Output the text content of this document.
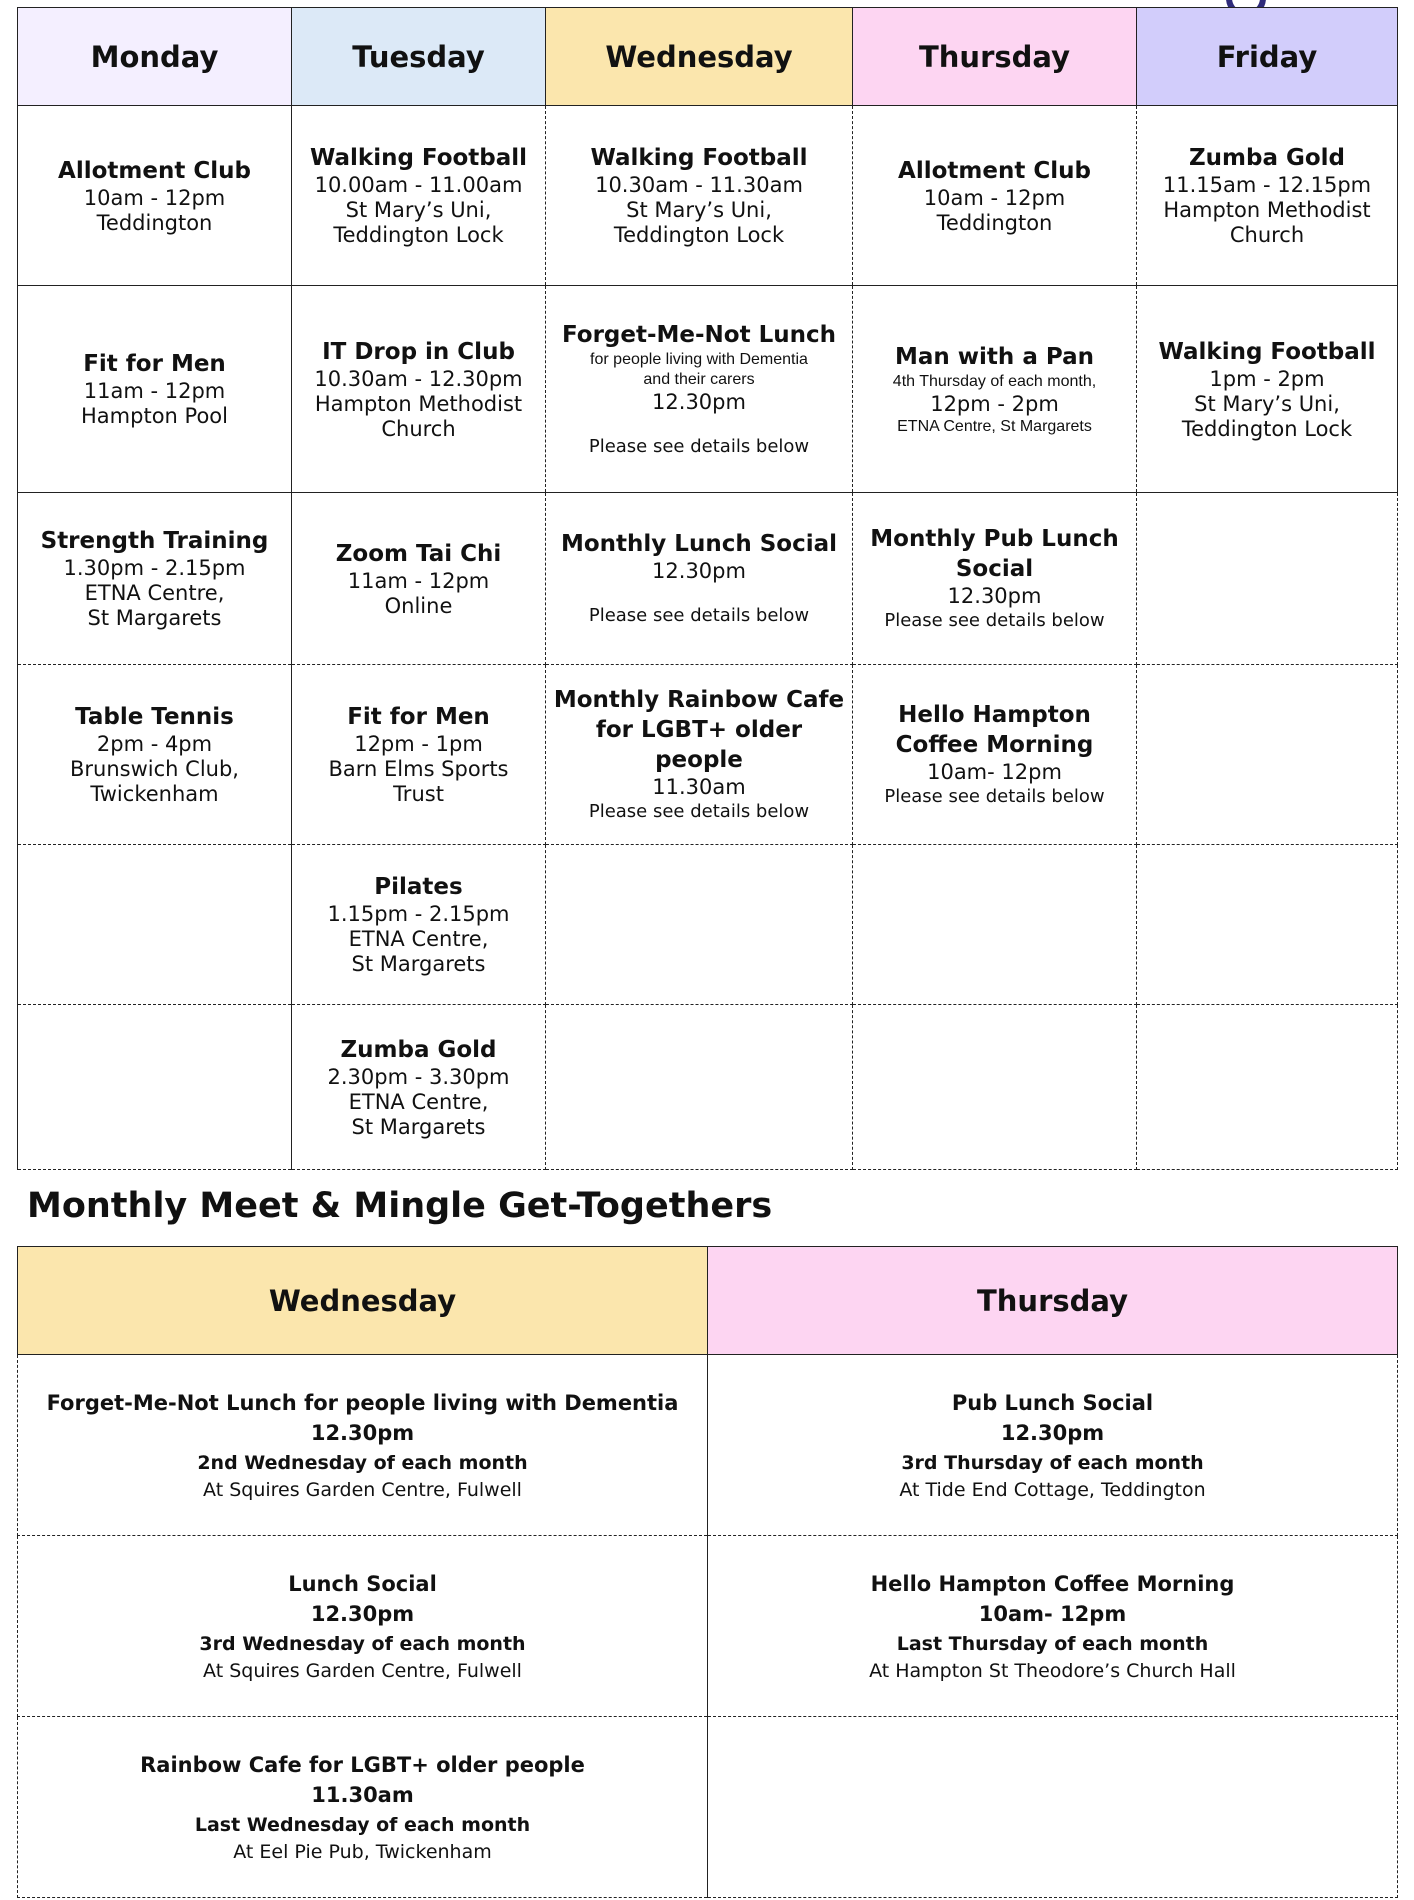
Monday	Tuesday	Wednesday	Thursday	Friday

Allotment Club
10am - 12pm
Teddington	Walking Football
10.00am - 11.00am
St Mary’s Uni,
Teddington Lock	Walking Football
10.30am - 11.30am
St Mary’s Uni,
Teddington Lock	Allotment Club
10am - 12pm
Teddington	Zumba Gold
11.15am - 12.15pm
Hampton Methodist
Church

Fit for Men
11am - 12pm
Hampton Pool	IT Drop in Club
10.30am - 12.30pm
Hampton Methodist
Church	Forget-Me-Not Lunch
for people living with Dementia
and their carers
12.30pm
Please see details below	Man with a Pan
4th Thursday of each month,
12pm - 2pm
ETNA Centre, St Margarets	Walking Football
1pm - 2pm
St Mary’s Uni,
Teddington Lock

Strength Training
1.30pm - 2.15pm
ETNA Centre,
St Margarets	Zoom Tai Chi
11am - 12pm
Online	Monthly Lunch Social
12.30pm
Please see details below	Monthly Pub Lunch
Social
12.30pm
Please see details below	

Table Tennis
2pm - 4pm
Brunswich Club,
Twickenham	Fit for Men
12pm - 1pm
Barn Elms Sports
Trust	Monthly Rainbow Cafe
for LGBT+ older people
11.30am
Please see details below	Hello Hampton
Coffee Morning
10am- 12pm
Please see details below	

	Pilates
1.15pm - 2.15pm
ETNA Centre,
St Margarets			

	Zumba Gold
2.30pm - 3.30pm
ETNA Centre,
St Margarets			

Monthly Meet & Mingle Get-Togethers
Wednesday	Thursday

Forget-Me-Not Lunch for people living with Dementia
12.30pm
2nd Wednesday of each month
At Squires Garden Centre, Fulwell	Pub Lunch Social
12.30pm
3rd Thursday of each month
At Tide End Cottage, Teddington

Lunch Social
12.30pm
3rd Wednesday of each month
At Squires Garden Centre, Fulwell	Hello Hampton Coffee Morning
10am- 12pm
Last Thursday of each month
At Hampton St Theodore’s Church Hall

Rainbow Cafe for LGBT+ older people
11.30am
Last Wednesday of each month
At Eel Pie Pub, Twickenham	
